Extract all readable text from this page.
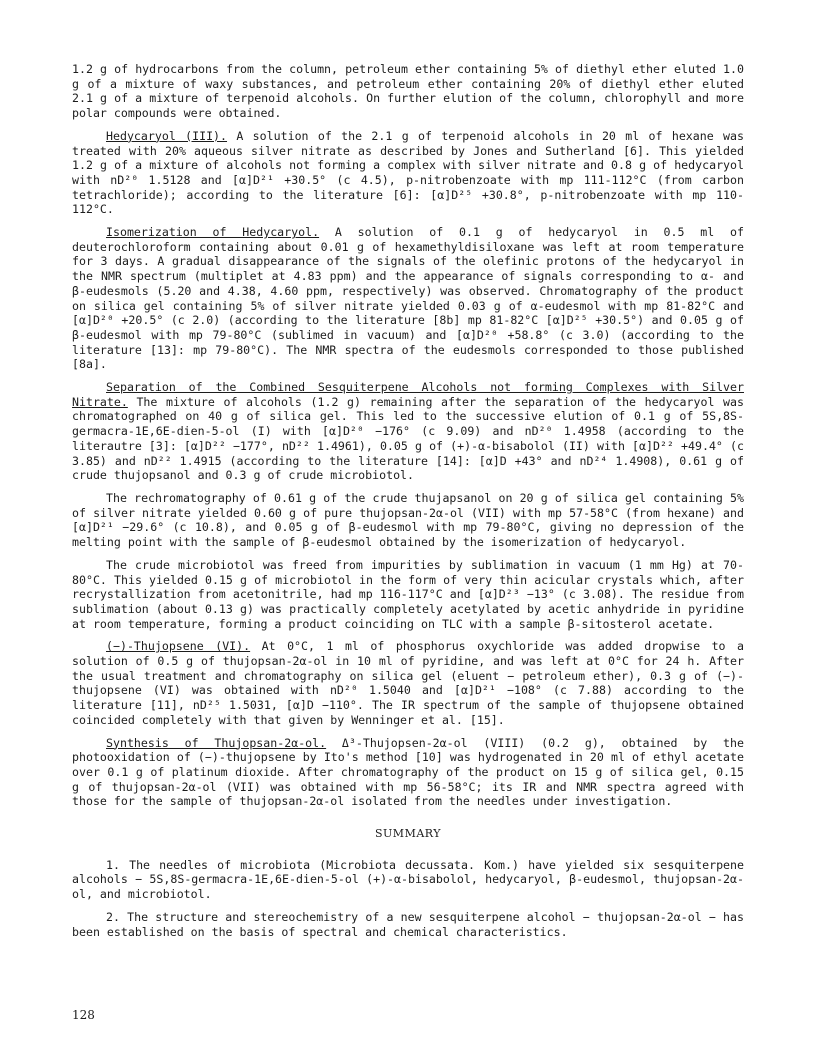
1.2 g of hydrocarbons from the column, petroleum ether containing 5% of diethyl ether eluted 1.0 g of a mixture of waxy substances, and petroleum ether containing 20% of diethyl ether eluted 2.1 g of a mixture of terpenoid alcohols. On further elution of the column, chlorophyll and more polar compounds were obtained.

Hedycaryol (III). A solution of the 2.1 g of terpenoid alcohols in 20 ml of hexane was treated with 20% aqueous silver nitrate as described by Jones and Sutherland [6]. This yielded 1.2 g of a mixture of alcohols not forming a complex with silver nitrate and 0.8 g of hedycaryol with nD²⁰ 1.5128 and [α]D²¹ +30.5° (c 4.5), p-nitrobenzoate with mp 111-112°C (from carbon tetrachloride); according to the literature [6]: [α]D²⁵ +30.8°, p-nitrobenzoate with mp 110-112°C.

Isomerization of Hedycaryol. A solution of 0.1 g of hedycaryol in 0.5 ml of deuterochloroform containing about 0.01 g of hexamethyldisiloxane was left at room temperature for 3 days. A gradual disappearance of the signals of the olefinic protons of the hedycaryol in the NMR spectrum (multiplet at 4.83 ppm) and the appearance of signals corresponding to α- and β-eudesmols (5.20 and 4.38, 4.60 ppm, respectively) was observed. Chromatography of the product on silica gel containing 5% of silver nitrate yielded 0.03 g of α-eudesmol with mp 81-82°C and [α]D²⁰ +20.5° (c 2.0) (according to the literature [8b] mp 81-82°C [α]D²⁵ +30.5°) and 0.05 g of β-eudesmol with mp 79-80°C (sublimed in vacuum) and [α]D²⁰ +58.8° (c 3.0) (according to the literature [13]: mp 79-80°C). The NMR spectra of the eudesmols corresponded to those published [8a].

Separation of the Combined Sesquiterpene Alcohols not forming Complexes with Silver Nitrate. The mixture of alcohols (1.2 g) remaining after the separation of the hedycaryol was chromatographed on 40 g of silica gel. This led to the successive elution of 0.1 g of 5S,8S-germacra-1E,6E-dien-5-ol (I) with [α]D²⁰ −176° (c 9.09) and nD²⁰ 1.4958 (according to the literautre [3]: [α]D²² −177°, nD²² 1.4961), 0.05 g of (+)-α-bisabolol (II) with [α]D²² +49.4° (c 3.85) and nD²² 1.4915 (according to the literature [14]: [α]D +43° and nD²⁴ 1.4908), 0.61 g of crude thujopsanol and 0.3 g of crude microbiotol.

The rechromatography of 0.61 g of the crude thujapsanol on 20 g of silica gel containing 5% of silver nitrate yielded 0.60 g of pure thujopsan-2α-ol (VII) with mp 57-58°C (from hexane) and [α]D²¹ −29.6° (c 10.8), and 0.05 g of β-eudesmol with mp 79-80°C, giving no depression of the melting point with the sample of β-eudesmol obtained by the isomerization of hedycaryol.

The crude microbiotol was freed from impurities by sublimation in vacuum (1 mm Hg) at 70-80°C. This yielded 0.15 g of microbiotol in the form of very thin acicular crystals which, after recrystallization from acetonitrile, had mp 116-117°C and [α]D²³ −13° (c 3.08). The residue from sublimation (about 0.13 g) was practically completely acetylated by acetic anhydride in pyridine at room temperature, forming a product coinciding on TLC with a sample β-sitosterol acetate.

(−)-Thujopsene (VI). At 0°C, 1 ml of phosphorus oxychloride was added dropwise to a solution of 0.5 g of thujopsan-2α-ol in 10 ml of pyridine, and was left at 0°C for 24 h. After the usual treatment and chromatography on silica gel (eluent − petroleum ether), 0.3 g of (−)-thujopsene (VI) was obtained with nD²⁰ 1.5040 and [α]D²¹ −108° (c 7.88) according to the literature [11], nD²⁵ 1.5031, [α]D −110°. The IR spectrum of the sample of thujopsene obtained coincided completely with that given by Wenninger et al. [15].

Synthesis of Thujopsan-2α-ol. Δ³-Thujopsen-2α-ol (VIII) (0.2 g), obtained by the photooxidation of (−)-thujopsene by Ito's method [10] was hydrogenated in 20 ml of ethyl acetate over 0.1 g of platinum dioxide. After chromatography of the product on 15 g of silica gel, 0.15 g of thujopsan-2α-ol (VII) was obtained with mp 56-58°C; its IR and NMR spectra agreed with those for the sample of thujopsan-2α-ol isolated from the needles under investigation.

SUMMARY

1. The needles of microbiota (Microbiota decussata. Kom.) have yielded six sesquiterpene alcohols − 5S,8S-germacra-1E,6E-dien-5-ol (+)-α-bisabolol, hedycaryol, β-eudesmol, thujopsan-2α-ol, and microbiotol.

2. The structure and stereochemistry of a new sesquiterpene alcohol − thujopsan-2α-ol − has been established on the basis of spectral and chemical characteristics.

128
